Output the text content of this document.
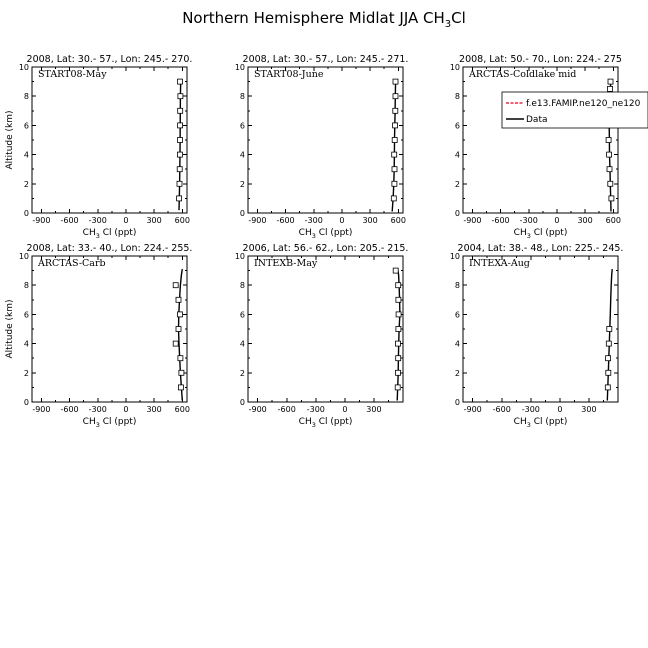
Northern Hemisphere Midlat JJA $CH_3Cl$
2008, Lat: 30.- 57., Lon: 245.- 270.
START08-May
0
2
4
6
8
10
-900 -600 -300 0 300 600
$CH_3$ Cl (ppt)
Altitude (km)
2008, Lat: 30.- 57., Lon: 245.- 271.
START08-June
0
2
4
6
8
10
-900 -600 -300 0 300 600
$CH_3$ Cl (ppt)
2008, Lat: 50.- 70., Lon: 224.- 275
ARCTAS-Coldlake mid
0
2
4
6
8
10
-900 -600 -300 0 300 600
$CH_3$ Cl (ppt)
2008, Lat: 33.- 40., Lon: 224.- 255.
ARCTAS-Carb
0
2
4
6
8
10
-900 -600 -300 0 300 600
$CH_3$ Cl (ppt)
Altitude (km)
2006, Lat: 56.- 62., Lon: 205.- 215.
INTEXB-May
0
2
4
6
8
10
-900 -600 -300 0 300
$CH_3$ Cl (ppt)
2004, Lat: 38.- 48., Lon: 225.- 245.
INTEXA-Aug
0
2
4
6
8
10
-900 -600 -300 0 300
$CH_3$ Cl (ppt)
f.e13.FAMIP.ne120_ne120
Data
